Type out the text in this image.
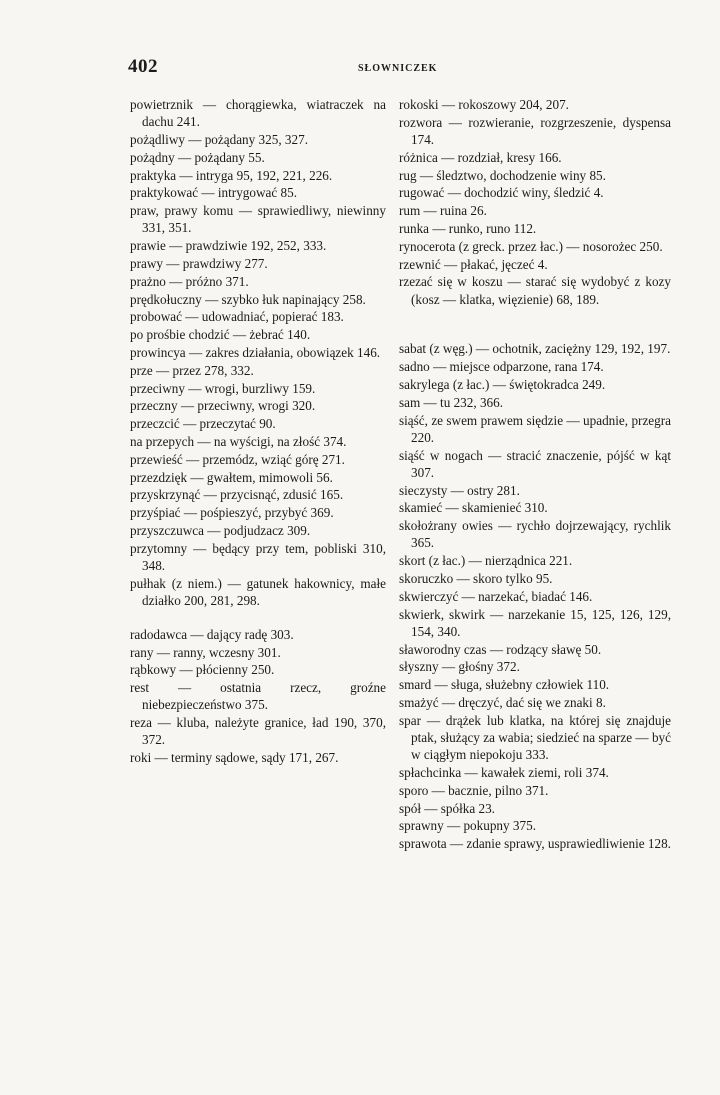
402	SŁOWNICZEK

powietrznik — chorągiewka, wiatraczek na dachu 241.

pożądliwy — pożądany 325, 327.

pożądny — pożądany 55.

praktyka — intryga 95, 192, 221, 226.

praktykować — intrygować 85.

praw, prawy komu — sprawiedliwy, niewinny 331, 351.

prawie — prawdziwie 192, 252, 333.

prawy — prawdziwy 277.

prażno — próżno 371.

prędkołuczny — szybko łuk napinający 258.

probować — udowadniać, popierać 183.

po prośbie chodzić — żebrać 140.

prowincya — zakres działania, obowiązek 146.

prze — przez 278, 332.

przeciwny — wrogi, burzliwy 159.

przeczny — przeciwny, wrogi 320.

przeczcić — przeczytać 90.

na przepych — na wyścigi, na złość 374.

przewieść — przemódz, wziąć górę 271.

przezdzięk — gwałtem, mimowoli 56.

przyskrzynąć — przycisnąć, zdusić 165.

przyśpiać — pośpieszyć, przybyć 369.

przyszczuwca — podjudzacz 309.

przytomny — będący przy tem, pobliski 310, 348.

pułhak (z niem.) — gatunek hakownicy, małe działko 200, 281, 298.

radodawca — dający radę 303.

rany — ranny, wczesny 301.

rąbkowy — płócienny 250.

rest — ostatnia rzecz, groźne niebezpieczeństwo 375.

reza — kluba, należyte granice, ład 190, 370, 372.

roki — terminy sądowe, sądy 171, 267.

rokoski — rokoszowy 204, 207.

rozwora — rozwieranie, rozgrzeszenie, dyspensa 174.

różnica — rozdział, kresy 166.

rug — śledztwo, dochodzenie winy 85.

rugować — dochodzić winy, śledzić 4.

rum — ruina 26.

runka — runko, runo 112.

rynocerota (z greck. przez łac.) — nosorożec 250.

rzewnić — płakać, jęczeć 4.

rzezać się w koszu — starać się wydobyć z kozy (kosz — klatka, więzienie) 68, 189.

sabat (z węg.) — ochotnik, zaciężny 129, 192, 197.

sadno — miejsce odparzone, rana 174.

sakrylega (z łac.) — świętokradca 249.

sam — tu 232, 366.

siąść, ze swem prawem siędzie — upadnie, przegra 220.

siąść w nogach — stracić znaczenie, pójść w kąt 307.

sieczysty — ostry 281.

skamieć — skamienieć 310.

skołożrany owies — rychło dojrzewający, rychlik 365.

skort (z łac.) — nierządnica 221.

skoruczko — skoro tylko 95.

skwierczyć — narzekać, biadać 146.

skwierk, skwirk — narzekanie 15, 125, 126, 129, 154, 340.

sławorodny czas — rodzący sławę 50.

słyszny — głośny 372.

smard — sługa, służebny człowiek 110.

smażyć — dręczyć, dać się we znaki 8.

spar — drążek lub klatka, na której się znajduje ptak, służący za wabia; siedzieć na sparze — być w ciągłym niepokoju 333.

spłachcinka — kawałek ziemi, roli 374.

sporo — bacznie, pilno 371.

spół — spółka 23.

sprawny — pokupny 375.

sprawota — zdanie sprawy, usprawiedliwienie 128.
